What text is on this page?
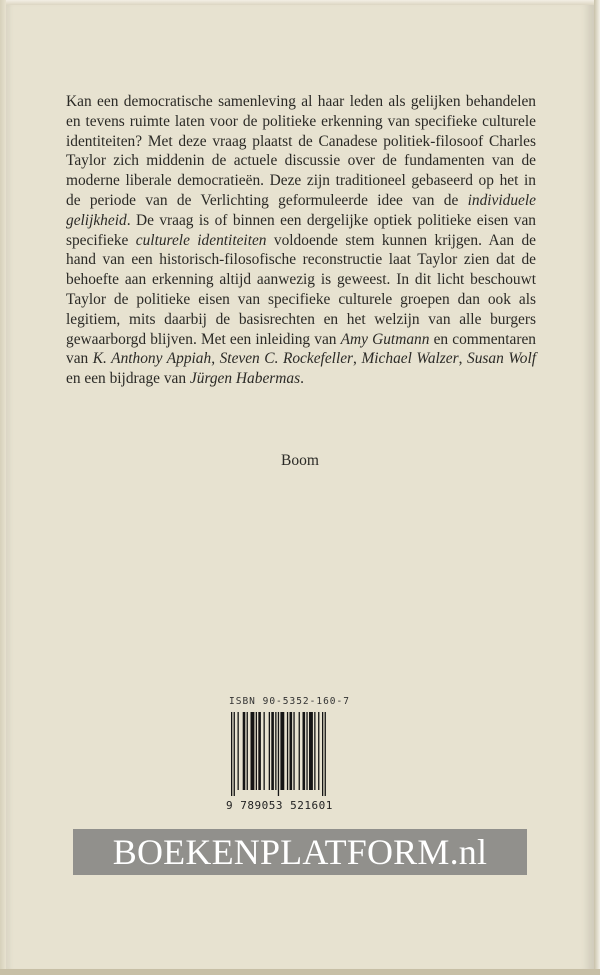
Kan een democratische samenleving al haar leden als gelijken behandelen en tevens ruimte laten voor de politieke erkenning van specifieke culturele identiteiten? Met deze vraag plaatst de Canadese politiek-filosoof Charles Taylor zich middenin de actuele discussie over de fundamenten van de moderne liberale democratieën. Deze zijn traditioneel gebaseerd op het in de periode van de Verlichting geformuleerde idee van de individuele gelijkheid. De vraag is of binnen een dergelijke optiek politieke eisen van specifieke culturele identiteiten voldoende stem kunnen krijgen. Aan de hand van een historisch-filosofische reconstructie laat Taylor zien dat de behoefte aan erkenning altijd aanwezig is geweest. In dit licht beschouwt Taylor de politieke eisen van specifieke culturele groepen dan ook als legitiem, mits daarbij de basisrechten en het welzijn van alle burgers gewaarborgd blijven. Met een inleiding van Amy Gutmann en commentaren van K. Anthony Appiah, Steven C. Rockefeller, Michael Walzer, Susan Wolf en een bijdrage van Jürgen Habermas.

Boom
ISBN 90-5352-160-7
9 789053 521601
BOEKENPLATFORM.nl
